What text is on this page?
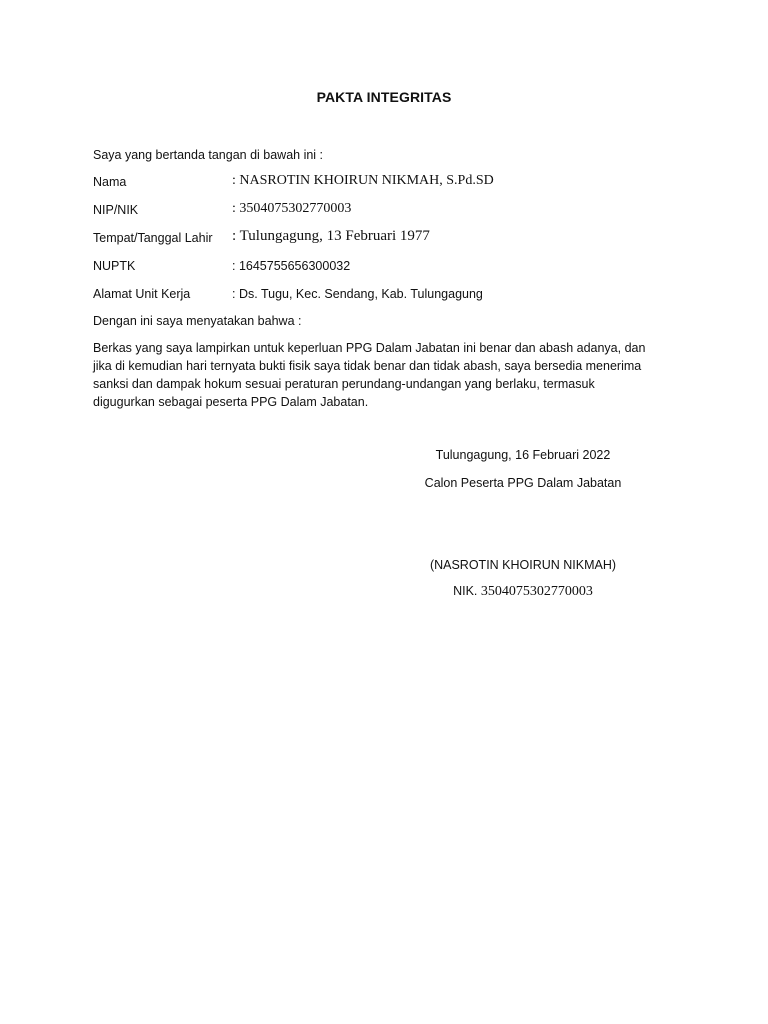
PAKTA INTEGRITAS
Saya yang bertanda tangan di bawah ini :
Nama	: NASROTIN KHOIRUN NIKMAH, S.Pd.SD
NIP/NIK	: 3504075302770003
Tempat/Tanggal Lahir : Tulungagung, 13 Februari 1977
NUPTK	: 1645755656300032
Alamat Unit Kerja	: Ds. Tugu, Kec. Sendang, Kab. Tulungagung
Dengan ini saya menyatakan bahwa :
Berkas yang saya lampirkan untuk keperluan PPG Dalam Jabatan ini benar dan abash adanya, dan
jika di kemudian hari ternyata bukti fisik saya tidak benar dan tidak abash, saya bersedia menerima
sanksi dan dampak hokum sesuai peraturan perundang-undangan yang berlaku, termasuk
digugurkan sebagai peserta PPG Dalam Jabatan.
Tulungagung, 16 Februari 2022
Calon Peserta PPG Dalam Jabatan
(NASROTIN KHOIRUN NIKMAH)
NIK. 3504075302770003
